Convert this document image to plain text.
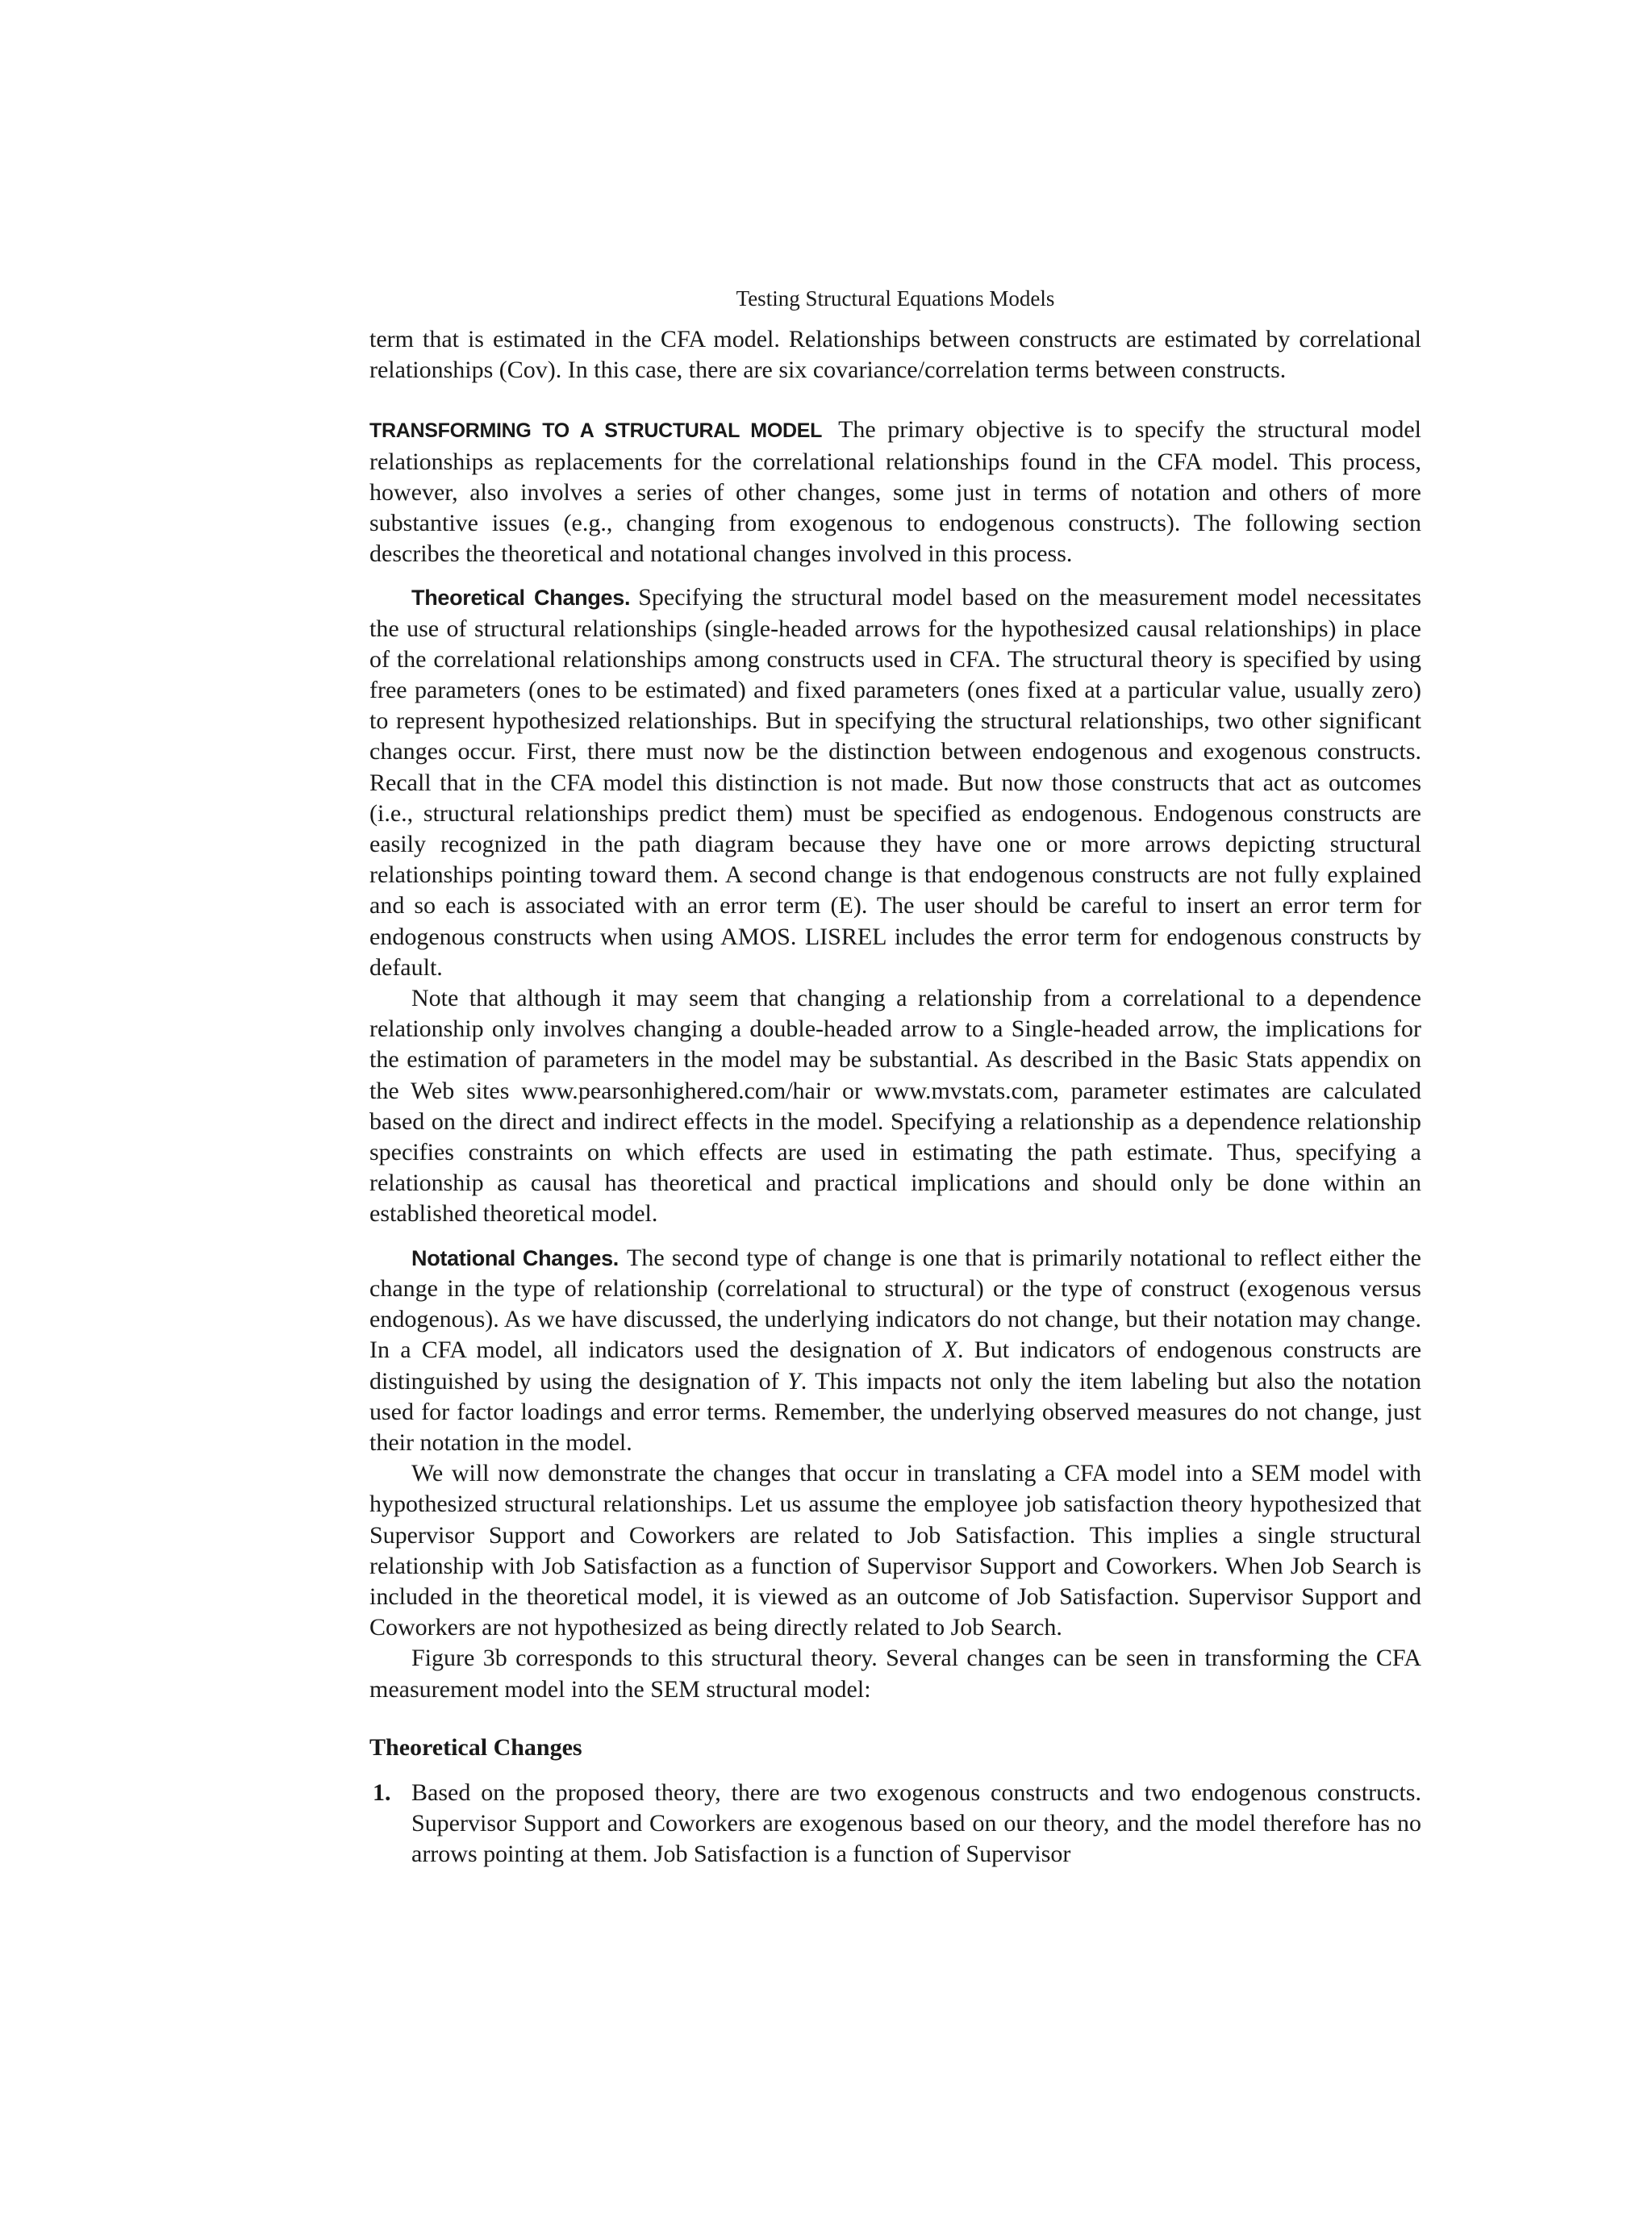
Testing Structural Equations Models

term that is estimated in the CFA model. Relationships between constructs are estimated by correlational relationships (Cov). In this case, there are six covariance/correlation terms between constructs.

TRANSFORMING TO A STRUCTURAL MODEL The primary objective is to specify the structural model relationships as replacements for the correlational relationships found in the CFA model. This process, however, also involves a series of other changes, some just in terms of notation and others of more substantive issues (e.g., changing from exogenous to endogenous constructs). The following section describes the theoretical and notational changes involved in this process.

Theoretical Changes. Specifying the structural model based on the measurement model necessitates the use of structural relationships (single-headed arrows for the hypothesized causal relationships) in place of the correlational relationships among constructs used in CFA. The structural theory is specified by using free parameters (ones to be estimated) and fixed parameters (ones fixed at a particular value, usually zero) to represent hypothesized relationships. But in specifying the structural relationships, two other significant changes occur. First, there must now be the distinction between endogenous and exogenous constructs. Recall that in the CFA model this distinction is not made. But now those constructs that act as outcomes (i.e., structural relationships predict them) must be specified as endogenous. Endogenous constructs are easily recognized in the path diagram because they have one or more arrows depicting structural relationships pointing toward them. A second change is that endogenous constructs are not fully explained and so each is associated with an error term (E). The user should be careful to insert an error term for endogenous constructs when using AMOS. LISREL includes the error term for endogenous constructs by default.

Note that although it may seem that changing a relationship from a correlational to a dependence relationship only involves changing a double-headed arrow to a Single-headed arrow, the implications for the estimation of parameters in the model may be substantial. As described in the Basic Stats appendix on the Web sites www.pearsonhighered.com/hair or www.mvstats.com, parameter estimates are calculated based on the direct and indirect effects in the model. Specifying a relationship as a dependence relationship specifies constraints on which effects are used in estimating the path estimate. Thus, specifying a relationship as causal has theoretical and practical implications and should only be done within an established theoretical model.

Notational Changes. The second type of change is one that is primarily notational to reflect either the change in the type of relationship (correlational to structural) or the type of construct (exogenous versus endogenous). As we have discussed, the underlying indicators do not change, but their notation may change. In a CFA model, all indicators used the designation of X. But indicators of endogenous constructs are distinguished by using the designation of Y. This impacts not only the item labeling but also the notation used for factor loadings and error terms. Remember, the underlying observed measures do not change, just their notation in the model.

We will now demonstrate the changes that occur in translating a CFA model into a SEM model with hypothesized structural relationships. Let us assume the employee job satisfaction theory hypothesized that Supervisor Support and Coworkers are related to Job Satisfaction. This implies a single structural relationship with Job Satisfaction as a function of Supervisor Support and Coworkers. When Job Search is included in the theoretical model, it is viewed as an outcome of Job Satisfaction. Supervisor Support and Coworkers are not hypothesized as being directly related to Job Search.

Figure 3b corresponds to this structural theory. Several changes can be seen in transforming the CFA measurement model into the SEM structural model:

Theoretical Changes
1. Based on the proposed theory, there are two exogenous constructs and two endogenous constructs. Supervisor Support and Coworkers are exogenous based on our theory, and the model therefore has no arrows pointing at them. Job Satisfaction is a function of Supervisor
